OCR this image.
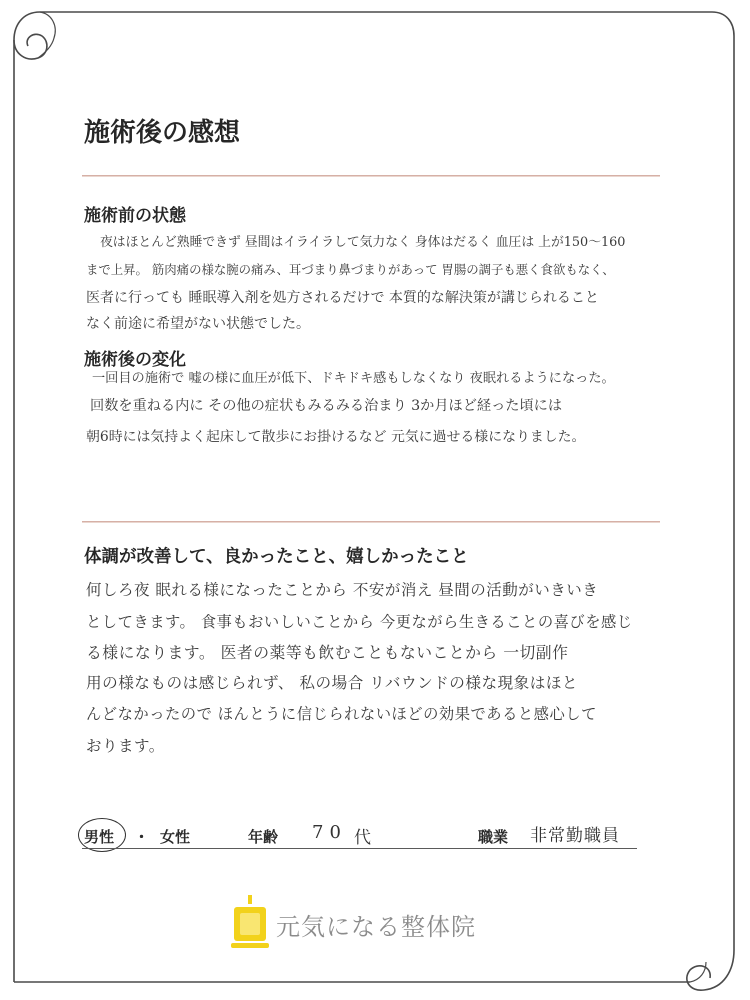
施術後の感想
施術前の状態

夜はほとんど熟睡できず 昼間はイライラして気力なく 身体はだるく 血圧は 上が150〜160

まで上昇。 筋肉痛の様な腕の痛み、耳づまり鼻づまりがあって 胃腸の調子も悪く食欲もなく、

医者に行っても 睡眠導入剤を処方されるだけで 本質的な解決策が講じられること

なく前途に希望がない状態でした。

施術後の変化

一回目の施術で 嘘の様に血圧が低下、ドキドキ感もしなくなり 夜眠れるようになった。

回数を重ねる内に その他の症状もみるみる治まり 3か月ほど経った頃には

朝6時には気持よく起床して散歩にお掛けるなど 元気に過せる様になりました。

体調が改善して、良かったこと、嬉しかったこと

何しろ夜 眠れる様になったことから 不安が消え 昼間の活動がいきいき

としてきます。 食事もおいしいことから 今更ながら生きることの喜びを感じ

る様になります。 医者の薬等も飲むこともないことから 一切副作

用の様なものは感じられず、 私の場合 リバウンドの様な現象はほと

んどなかったので ほんとうに信じられないほどの効果であると感心して

おります。

男性 ・ 女性	年齢 70 代	職業 非常勤職員
元気になる整体院
